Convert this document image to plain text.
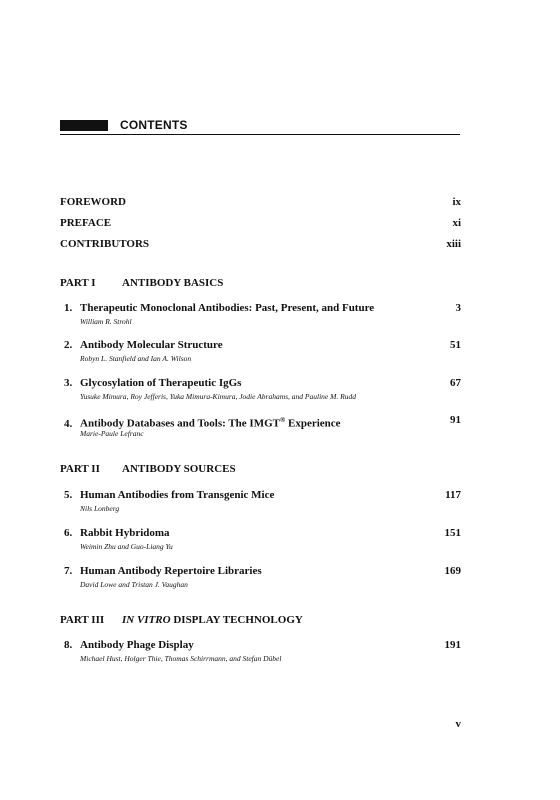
CONTENTS
FOREWORD	ix
PREFACE	xi
CONTRIBUTORS	xiii
PART I ANTIBODY BASICS
1. Therapeutic Monoclonal Antibodies: Past, Present, and Future	3
William R. Strohl
2. Antibody Molecular Structure	51
Robyn L. Stanfield and Ian A. Wilson
3. Glycosylation of Therapeutic IgGs	67
Yusuke Mimura, Roy Jefferis, Yuka Mimura-Kimura, Jodie Abrahams, and Pauline M. Rudd
4. Antibody Databases and Tools: The IMGT® Experience	91
Marie-Paule Lefranc
PART II ANTIBODY SOURCES
5. Human Antibodies from Transgenic Mice	117
Nils Lonberg
6. Rabbit Hybridoma	151
Weimin Zhu and Guo-Liang Yu
7. Human Antibody Repertoire Libraries	169
David Lowe and Tristan J. Vaughan
PART III IN VITRO DISPLAY TECHNOLOGY
8. Antibody Phage Display	191
Michael Hust, Holger Thie, Thomas Schirrmann, and Stefan Dübel
v
